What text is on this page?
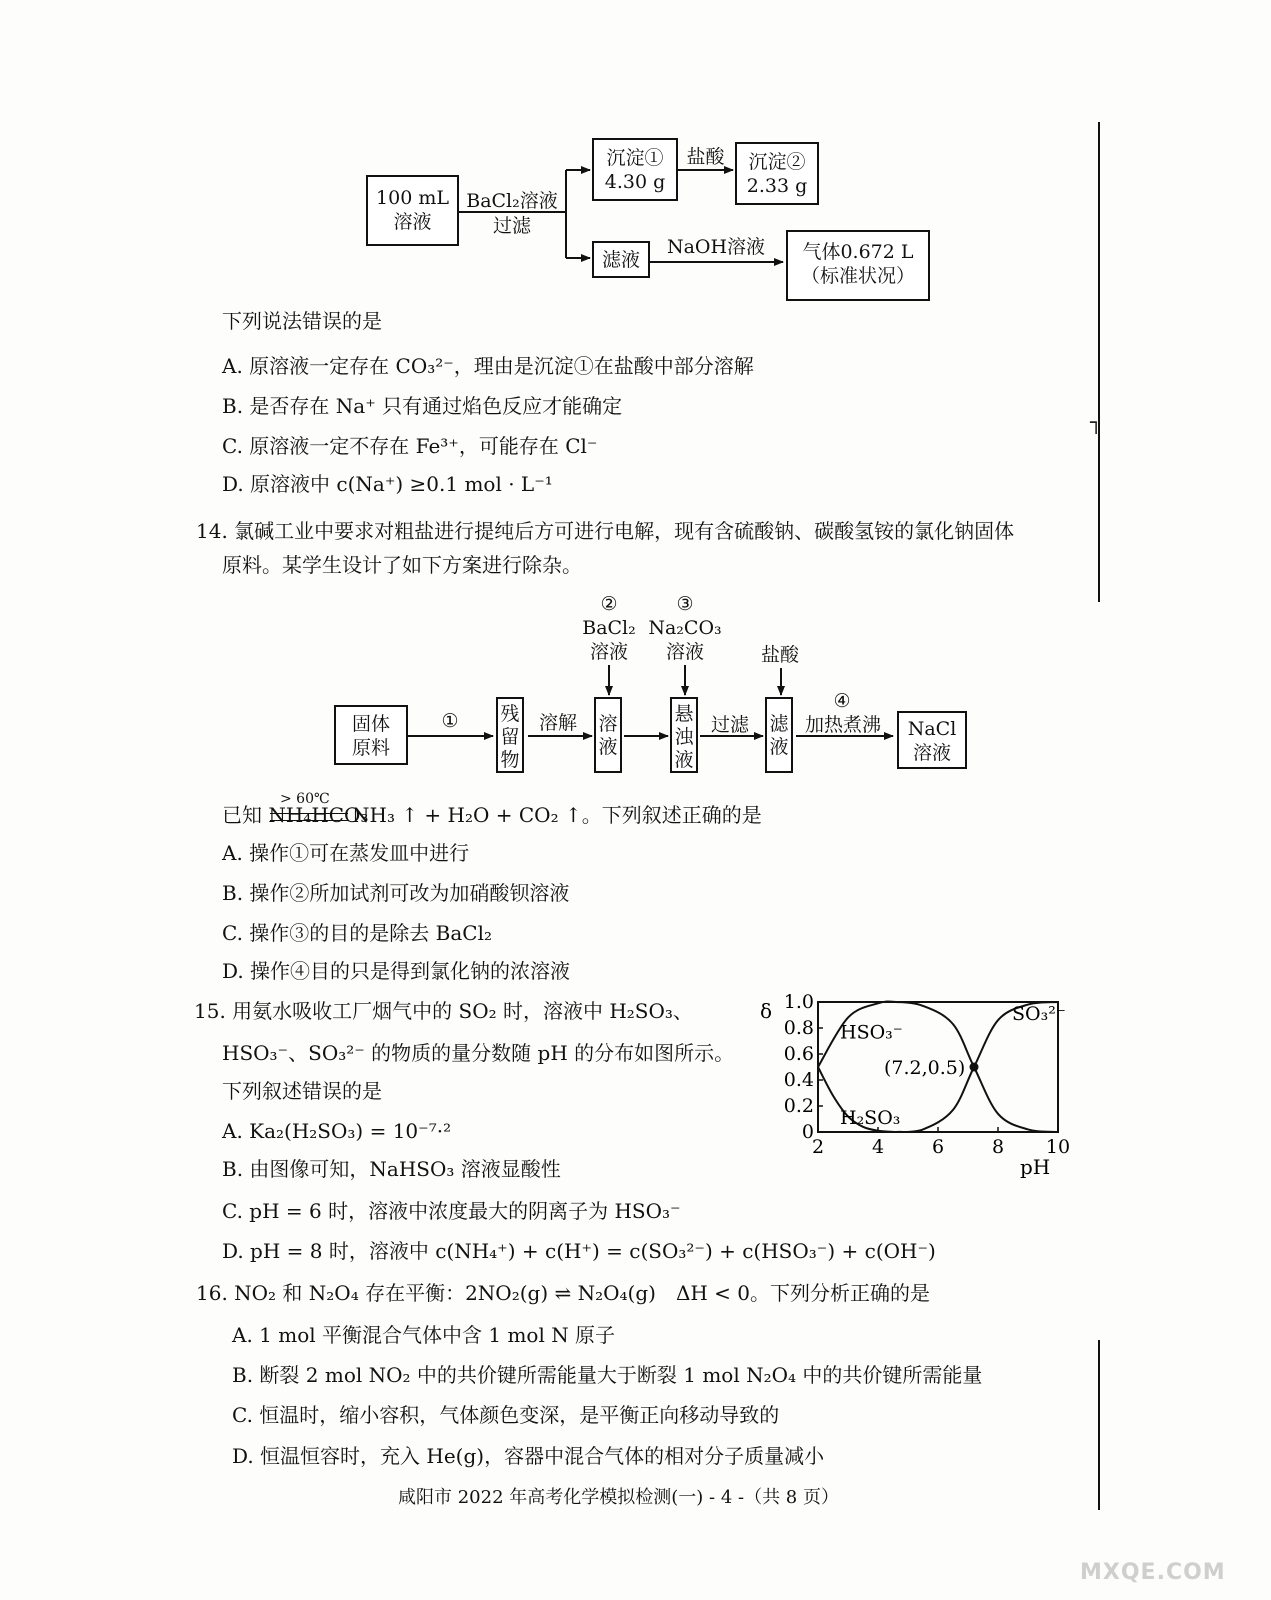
100 mL
溶液
BaCl₂溶液
过滤
沉淀①
4.30 g
盐酸	沉淀②
2.33 g
滤液
NaOH溶液	气体0.672 L
（标准状况）
下列说法错误的是
A. 原溶液一定存在 CO₃²⁻，理由是沉淀①在盐酸中部分溶解
B. 是否存在 Na⁺ 只有通过焰色反应才能确定
C. 原溶液一定不存在 Fe³⁺，可能存在 Cl⁻
D. 原溶液中 c(Na⁺) ≥0.1 mol · L⁻¹
14. 氯碱工业中要求对粗盐进行提纯后方可进行电解，现有含硫酸钠、碳酸氢铵的氯化钠固体
原料。某学生设计了如下方案进行除杂。
固体
原料
①	残留物
溶解	溶液
悬浊液
过滤	滤液
④
加热煮沸	NaCl
溶液
②
BaCl₂
溶液
③
Na₂CO₃
溶液	盐酸
已知 NH₄HCO₃
> 60℃
NH₃ ↑ + H₂O + CO₂ ↑。下列叙述正确的是
A. 操作①可在蒸发皿中进行
B. 操作②所加试剂可改为加硝酸钡溶液
C. 操作③的目的是除去 BaCl₂
D. 操作④目的只是得到氯化钠的浓溶液
15. 用氨水吸收工厂烟气中的 SO₂ 时，溶液中 H₂SO₃、
HSO₃⁻、SO₃²⁻ 的物质的量分数随 pH 的分布如图所示。
下列叙述错误的是
A. Ka₂(H₂SO₃) = 10⁻⁷·²
B. 由图像可知，NaHSO₃ 溶液显酸性
C. pH = 6 时，溶液中浓度最大的阴离子为 HSO₃⁻
D. pH = 8 时，溶液中 c(NH₄⁺) + c(H⁺) = c(SO₃²⁻) + c(HSO₃⁻) + c(OH⁻)
0
0.2
0.4
0.6
0.8
1.0
2	4	6	8 10
δ
pH
H₂SO₃
HSO₃⁻
SO₃²⁻
(7.2,0.5)
16. NO₂ 和 N₂O₄ 存在平衡：2NO₂(g) ⇌ N₂O₄(g)　ΔH < 0。下列分析正确的是
A. 1 mol 平衡混合气体中含 1 mol N 原子
B. 断裂 2 mol NO₂ 中的共价键所需能量大于断裂 1 mol N₂O₄ 中的共价键所需能量
C. 恒温时，缩小容积，气体颜色变深，是平衡正向移动导致的
D. 恒温恒容时，充入 He(g)，容器中混合气体的相对分子质量减小
咸阳市 2022 年高考化学模拟检测(一) - 4 -（共 8 页）
┐
MXQE.COM
